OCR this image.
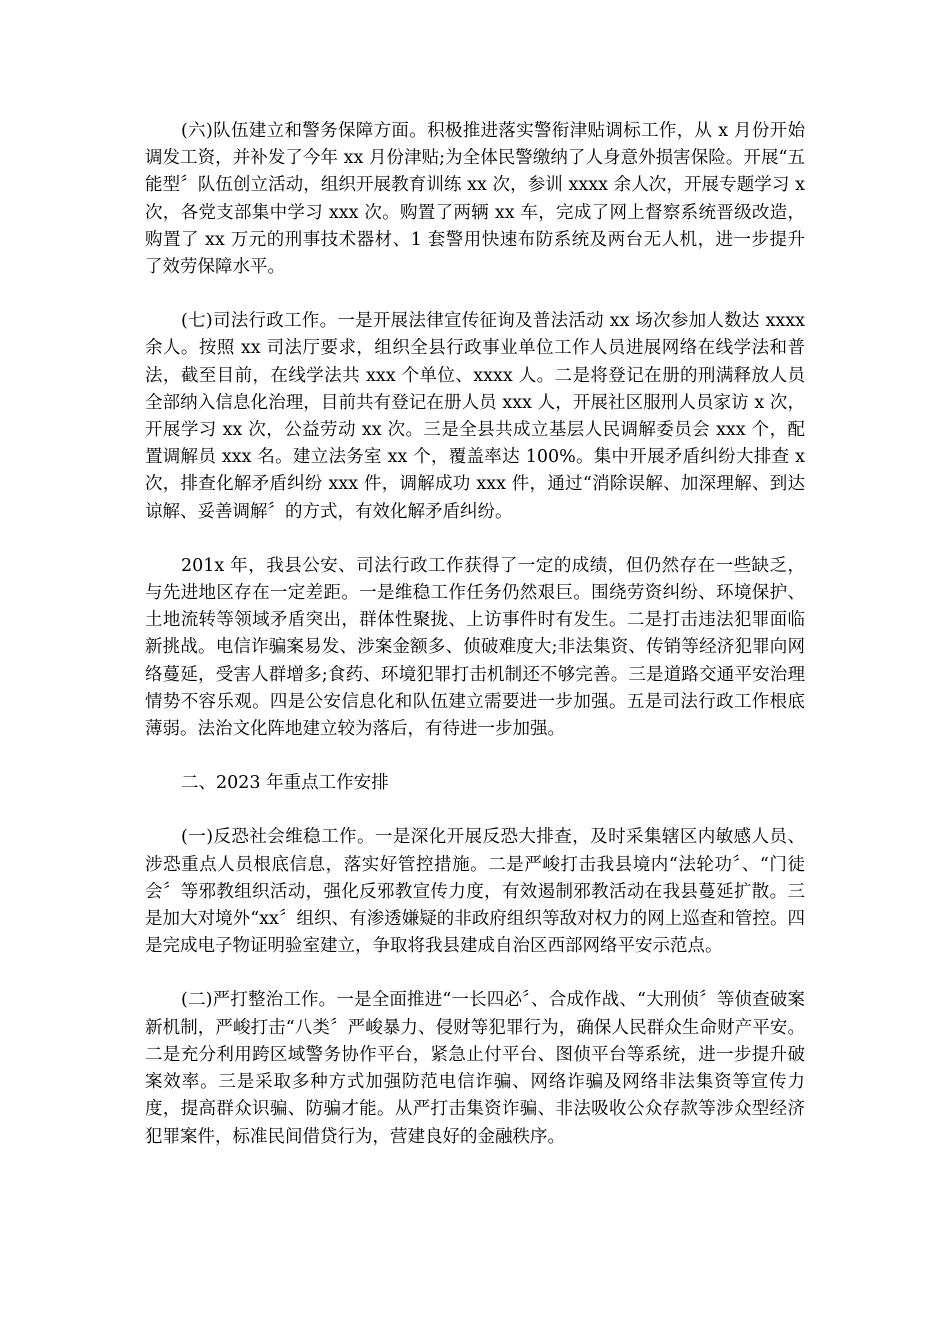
(六)队伍建立和警务保障方面。积极推进落实警衔津贴调标工作，从 x 月份开始调发工资，并补发了今年 xx 月份津贴;为全体民警缴纳了人身意外损害保险。开展“五能型〞队伍创立活动，组织开展教育训练 xx 次，参训 xxxx 余人次，开展专题学习 x 次，各党支部集中学习 xxx 次。购置了两辆 xx 车，完成了网上督察系统晋级改造，购置了 xx 万元的刑事技术器材、1 套警用快速布防系统及两台无人机，进一步提升了效劳保障水平。

(七)司法行政工作。一是开展法律宣传征询及普法活动 xx 场次参加人数达 xxxx 余人。按照 xx 司法厅要求，组织全县行政事业单位工作人员进展网络在线学法和普法，截至目前，在线学法共 xxx 个单位、xxxx 人。二是将登记在册的刑满释放人员全部纳入信息化治理，目前共有登记在册人员 xxx 人，开展社区服刑人员家访 x 次，开展学习 xx 次，公益劳动 xx 次。三是全县共成立基层人民调解委员会 xxx 个，配置调解员 xxx 名。建立法务室 xx 个，覆盖率达 100%。集中开展矛盾纠纷大排查 x 次，排查化解矛盾纠纷 xxx 件，调解成功 xxx 件，通过“消除误解、加深理解、到达谅解、妥善调解〞的方式，有效化解矛盾纠纷。

201x 年，我县公安、司法行政工作获得了一定的成绩，但仍然存在一些缺乏，与先进地区存在一定差距。一是维稳工作任务仍然艰巨。围绕劳资纠纷、环境保护、土地流转等领域矛盾突出，群体性聚拢、上访事件时有发生。二是打击违法犯罪面临新挑战。电信诈骗案易发、涉案金额多、侦破难度大;非法集资、传销等经济犯罪向网络蔓延，受害人群增多;食药、环境犯罪打击机制还不够完善。三是道路交通平安治理情势不容乐观。四是公安信息化和队伍建立需要进一步加强。五是司法行政工作根底薄弱。法治文化阵地建立较为落后，有待进一步加强。

二、2023 年重点工作安排

(一)反恐社会维稳工作。一是深化开展反恐大排查，及时采集辖区内敏感人员、涉恐重点人员根底信息，落实好管控措施。二是严峻打击我县境内“法轮功〞、“门徒会〞等邪教组织活动，强化反邪教宣传力度，有效遏制邪教活动在我县蔓延扩散。三是加大对境外“xx〞组织、有渗透嫌疑的非政府组织等敌对权力的网上巡查和管控。四是完成电子物证明验室建立，争取将我县建成自治区西部网络平安示范点。

(二)严打整治工作。一是全面推进“一长四必〞、合成作战、“大刑侦〞等侦查破案新机制，严峻打击“八类〞严峻暴力、侵财等犯罪行为，确保人民群众生命财产平安。二是充分利用跨区域警务协作平台，紧急止付平台、图侦平台等系统，进一步提升破案效率。三是采取多种方式加强防范电信诈骗、网络诈骗及网络非法集资等宣传力度，提高群众识骗、防骗才能。从严打击集资诈骗、非法吸收公众存款等涉众型经济犯罪案件，标准民间借贷行为，营建良好的金融秩序。
